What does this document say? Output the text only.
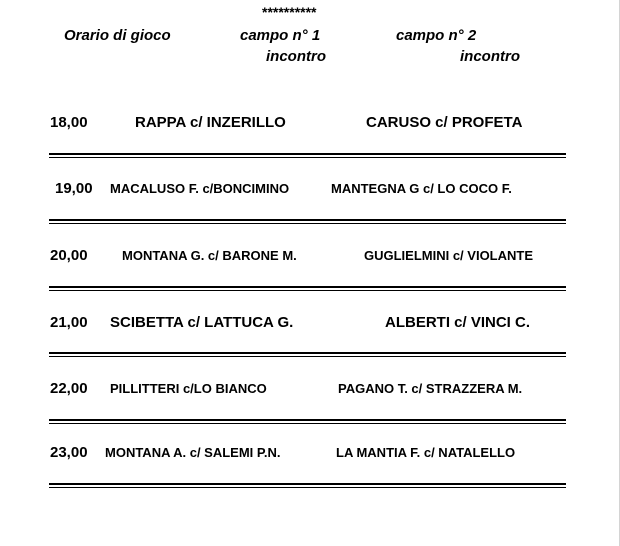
**********
Orario di gioco	campo n° 1
incontro
campo n° 2
incontro
18,00	RAPPA c/ INZERILLO	CARUSO c/ PROFETA
19,00 MACALUSO F. c/BONCIMINO	MANTEGNA G c/ LO COCO F.
20,00	MONTANA G. c/ BARONE M.	GUGLIELMINI c/ VIOLANTE
21,00 SCIBETTA c/ LATTUCA G.	ALBERTI c/ VINCI C.
22,00 PILLITTERI c/LO BIANCO	PAGANO T. c/ STRAZZERA M.
23,00 MONTANA A. c/ SALEMI P.N.	LA MANTIA F. c/ NATALELLO
